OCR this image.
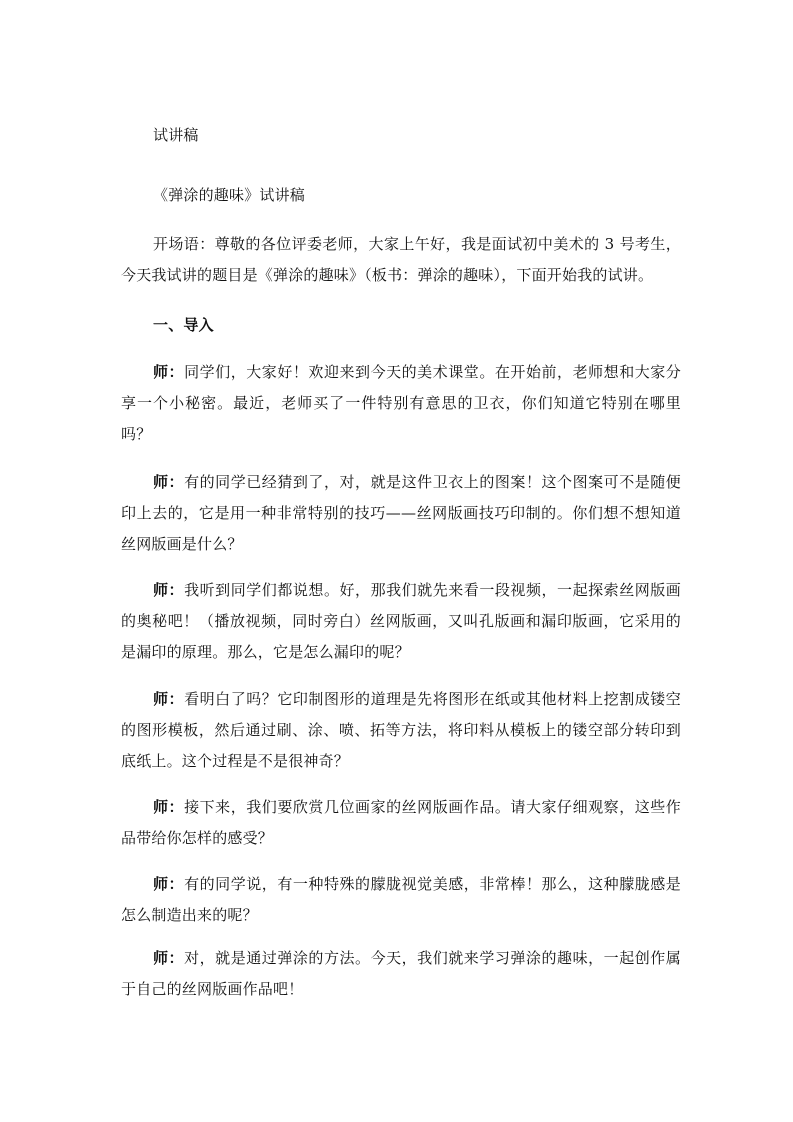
试讲稿
《弹涂的趣味》试讲稿

开场语：尊敬的各位评委老师，大家上午好，我是面试初中美术的 3 号考生，今天我试讲的题目是《弹涂的趣味》（板书：弹涂的趣味），下面开始我的试讲。

一、导入

师：同学们，大家好！欢迎来到今天的美术课堂。在开始前，老师想和大家分享一个小秘密。最近，老师买了一件特别有意思的卫衣，你们知道它特别在哪里吗？

师：有的同学已经猜到了，对，就是这件卫衣上的图案！这个图案可不是随便印上去的，它是用一种非常特别的技巧——丝网版画技巧印制的。你们想不想知道丝网版画是什么？

师：我听到同学们都说想。好，那我们就先来看一段视频，一起探索丝网版画的奥秘吧！（播放视频，同时旁白）丝网版画，又叫孔版画和漏印版画，它采用的是漏印的原理。那么，它是怎么漏印的呢？

师：看明白了吗？它印制图形的道理是先将图形在纸或其他材料上挖割成镂空的图形模板，然后通过刷、涂、喷、拓等方法，将印料从模板上的镂空部分转印到底纸上。这个过程是不是很神奇？

师：接下来，我们要欣赏几位画家的丝网版画作品。请大家仔细观察，这些作品带给你怎样的感受？

师：有的同学说，有一种特殊的朦胧视觉美感，非常棒！那么，这种朦胧感是怎么制造出来的呢？

师：对，就是通过弹涂的方法。今天，我们就来学习弹涂的趣味，一起创作属于自己的丝网版画作品吧！
